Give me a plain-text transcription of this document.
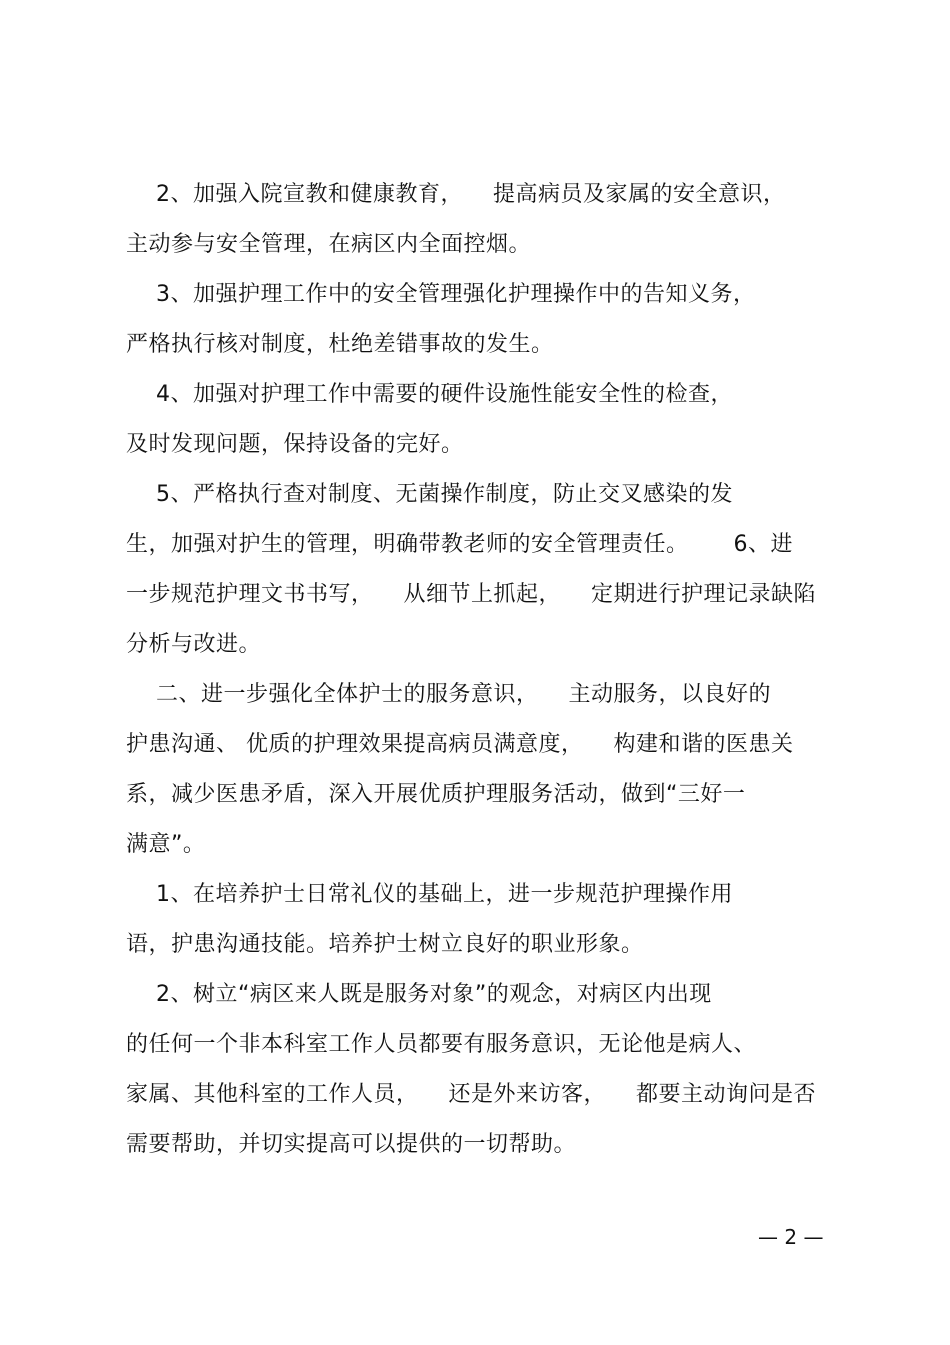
2、加强入院宣教和健康教育，    提高病员及家属的安全意识，
主动参与安全管理，在病区内全面控烟。
3、加强护理工作中的安全管理强化护理操作中的告知义务，
严格执行核对制度，杜绝差错事故的发生。
4、加强对护理工作中需要的硬件设施性能安全性的检查，
及时发现问题，保持设备的完好。
5、严格执行查对制度、无菌操作制度，防止交叉感染的发
生，加强对护生的管理，明确带教老师的安全管理责任。      6、进
一步规范护理文书书写，    从细节上抓起，    定期进行护理记录缺陷
分析与改进。
二、进一步强化全体护士的服务意识，    主动服务，以良好的
护患沟通、 优质的护理效果提高病员满意度，    构建和谐的医患关
系，减少医患矛盾，深入开展优质护理服务活动，做到“三好一
满意”。
1、在培养护士日常礼仪的基础上，进一步规范护理操作用
语，护患沟通技能。培养护士树立良好的职业形象。
2、树立“病区来人既是服务对象”的观念，对病区内出现
的任何一个非本科室工作人员都要有服务意识，无论他是病人、
家属、其他科室的工作人员，    还是外来访客，    都要主动询问是否
需要帮助，并切实提高可以提供的一切帮助。
— 2 —
